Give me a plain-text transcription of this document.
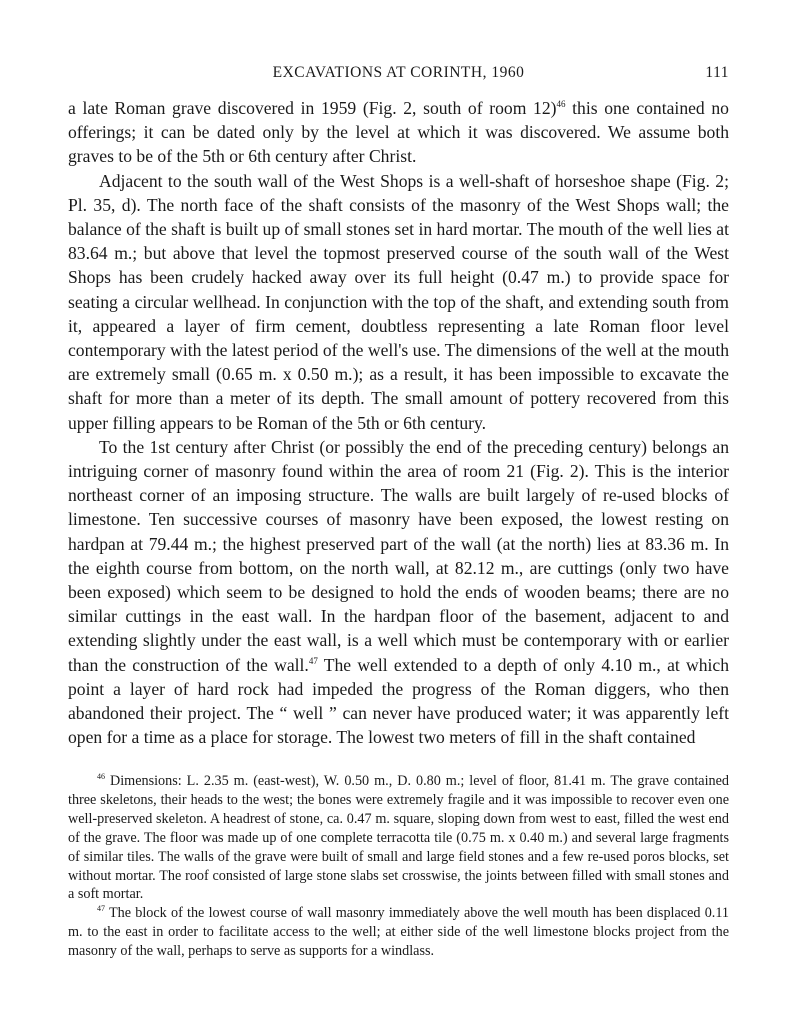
EXCAVATIONS AT CORINTH, 1960	111

a late Roman grave discovered in 1959 (Fig. 2, south of room 12)$^{46}$ this one contained no offerings; it can be dated only by the level at which it was discovered. We assume both graves to be of the 5th or 6th century after Christ.

Adjacent to the south wall of the West Shops is a well-shaft of horseshoe shape (Fig. 2; Pl. 35, d). The north face of the shaft consists of the masonry of the West Shops wall; the balance of the shaft is built up of small stones set in hard mortar. The mouth of the well lies at 83.64 m.; but above that level the topmost preserved course of the south wall of the West Shops has been crudely hacked away over its full height (0.47 m.) to provide space for seating a circular wellhead. In conjunction with the top of the shaft, and extending south from it, appeared a layer of firm cement, doubtless representing a late Roman floor level contemporary with the latest period of the well's use. The dimensions of the well at the mouth are extremely small (0.65 m. x 0.50 m.); as a result, it has been impossible to excavate the shaft for more than a meter of its depth. The small amount of pottery recovered from this upper filling appears to be Roman of the 5th or 6th century.

To the 1st century after Christ (or possibly the end of the preceding century) belongs an intriguing corner of masonry found within the area of room 21 (Fig. 2). This is the interior northeast corner of an imposing structure. The walls are built largely of re-used blocks of limestone. Ten successive courses of masonry have been exposed, the lowest resting on hardpan at 79.44 m.; the highest preserved part of the wall (at the north) lies at 83.36 m. In the eighth course from bottom, on the north wall, at 82.12 m., are cuttings (only two have been exposed) which seem to be designed to hold the ends of wooden beams; there are no similar cuttings in the east wall. In the hardpan floor of the basement, adjacent to and extending slightly under the east wall, is a well which must be contemporary with or earlier than the construction of the wall.$^{47}$ The well extended to a depth of only 4.10 m., at which point a layer of hard rock had impeded the progress of the Roman diggers, who then abandoned their project. The “ well ” can never have produced water; it was apparently left open for a time as a place for storage. The lowest two meters of fill in the shaft contained

$^{46}$ Dimensions: L. 2.35 m. (east-west), W. 0.50 m., D. 0.80 m.; level of floor, 81.41 m. The grave contained three skeletons, their heads to the west; the bones were extremely fragile and it was impossible to recover even one well-preserved skeleton. A headrest of stone, ca. 0.47 m. square, sloping down from west to east, filled the west end of the grave. The floor was made up of one complete terracotta tile (0.75 m. x 0.40 m.) and several large fragments of similar tiles. The walls of the grave were built of small and large field stones and a few re-used poros blocks, set without mortar. The roof consisted of large stone slabs set crosswise, the joints between filled with small stones and a soft mortar.

$^{47}$ The block of the lowest course of wall masonry immediately above the well mouth has been displaced 0.11 m. to the east in order to facilitate access to the well; at either side of the well limestone blocks project from the masonry of the wall, perhaps to serve as supports for a windlass.
